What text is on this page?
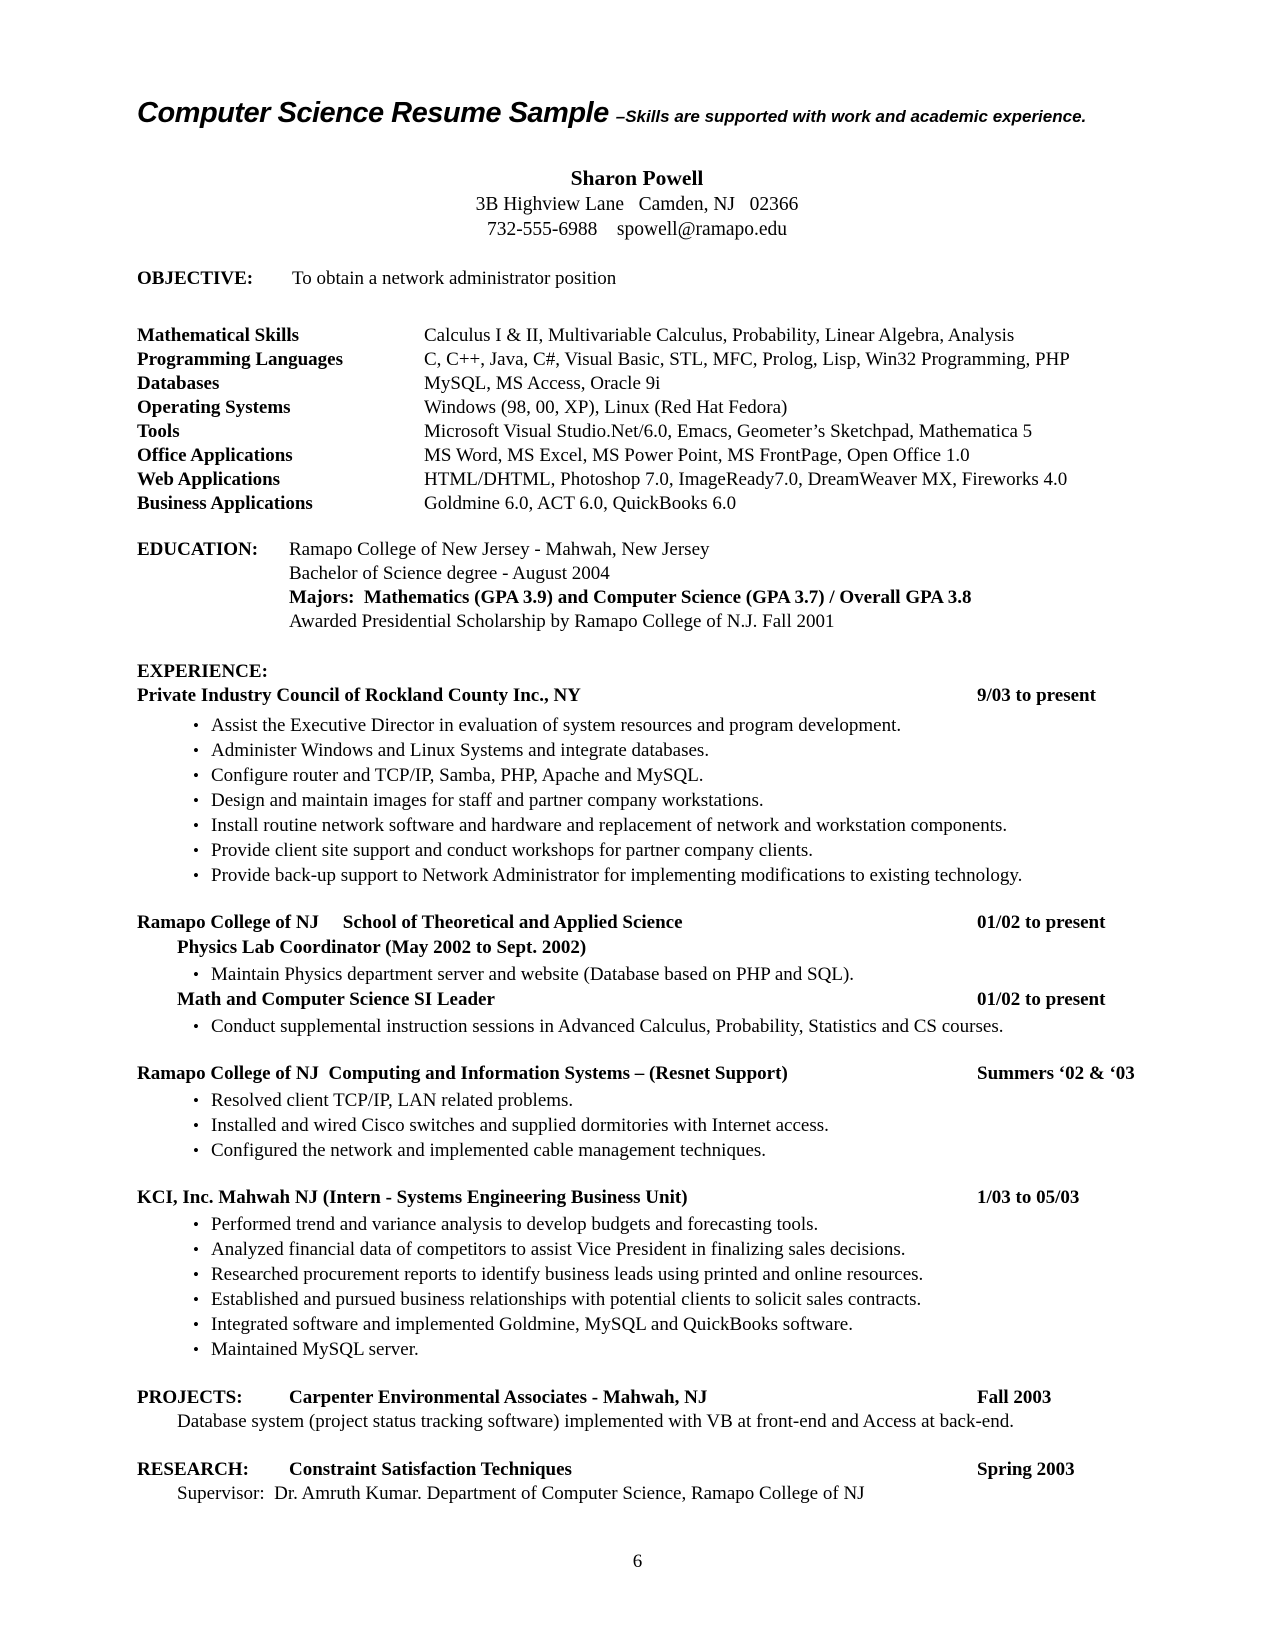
Computer Science Resume Sample –Skills are supported with work and academic experience.
Sharon Powell
3B Highview Lane   Camden, NJ   02366
732-555-6988    spowell@ramapo.edu
OBJECTIVE:	To obtain a network administrator position
Mathematical Skills	Calculus I & II, Multivariable Calculus, Probability, Linear Algebra, Analysis
Programming Languages	C, C++, Java, C#, Visual Basic, STL, MFC, Prolog, Lisp, Win32 Programming, PHP
Databases	MySQL, MS Access, Oracle 9i
Operating Systems	Windows (98, 00, XP), Linux (Red Hat Fedora)
Tools	Microsoft Visual Studio.Net/6.0, Emacs, Geometer’s Sketchpad, Mathematica 5
Office Applications	MS Word, MS Excel, MS Power Point, MS FrontPage, Open Office 1.0
Web Applications	HTML/DHTML, Photoshop 7.0, ImageReady7.0, DreamWeaver MX, Fireworks 4.0
Business Applications	Goldmine 6.0, ACT 6.0, QuickBooks 6.0
EDUCATION:	Ramapo College of New Jersey - Mahwah, New Jersey
Bachelor of Science degree - August 2004
Majors:  Mathematics (GPA 3.9) and Computer Science (GPA 3.7) / Overall GPA 3.8
Awarded Presidential Scholarship by Ramapo College of N.J. Fall 2001
EXPERIENCE:
Private Industry Council of Rockland County Inc., NY	9/03 to present
• Assist the Executive Director in evaluation of system resources and program development.
• Administer Windows and Linux Systems and integrate databases.
• Configure router and TCP/IP, Samba, PHP, Apache and MySQL.
• Design and maintain images for staff and partner company workstations.
• Install routine network software and hardware and replacement of network and workstation components.
• Provide client site support and conduct workshops for partner company clients.
• Provide back-up support to Network Administrator for implementing modifications to existing technology.
Ramapo College of NJ     School of Theoretical and Applied Science	01/02 to present
Physics Lab Coordinator (May 2002 to Sept. 2002)
• Maintain Physics department server and website (Database based on PHP and SQL).
Math and Computer Science SI Leader	01/02 to present
• Conduct supplemental instruction sessions in Advanced Calculus, Probability, Statistics and CS courses.
Ramapo College of NJ  Computing and Information Systems – (Resnet Support)	Summers ‘02 & ‘03
• Resolved client TCP/IP, LAN related problems.
• Installed and wired Cisco switches and supplied dormitories with Internet access.
• Configured the network and implemented cable management techniques.
KCI, Inc. Mahwah NJ (Intern - Systems Engineering Business Unit)	1/03 to 05/03
• Performed trend and variance analysis to develop budgets and forecasting tools.
• Analyzed financial data of competitors to assist Vice President in finalizing sales decisions.
• Researched procurement reports to identify business leads using printed and online resources.
• Established and pursued business relationships with potential clients to solicit sales contracts.
• Integrated software and implemented Goldmine, MySQL and QuickBooks software.
• Maintained MySQL server.
PROJECTS:	Carpenter Environmental Associates - Mahwah, NJ	Fall 2003
Database system (project status tracking software) implemented with VB at front-end and Access at back-end.
RESEARCH:	Constraint Satisfaction Techniques	Spring 2003
Supervisor:  Dr. Amruth Kumar. Department of Computer Science, Ramapo College of NJ
6
